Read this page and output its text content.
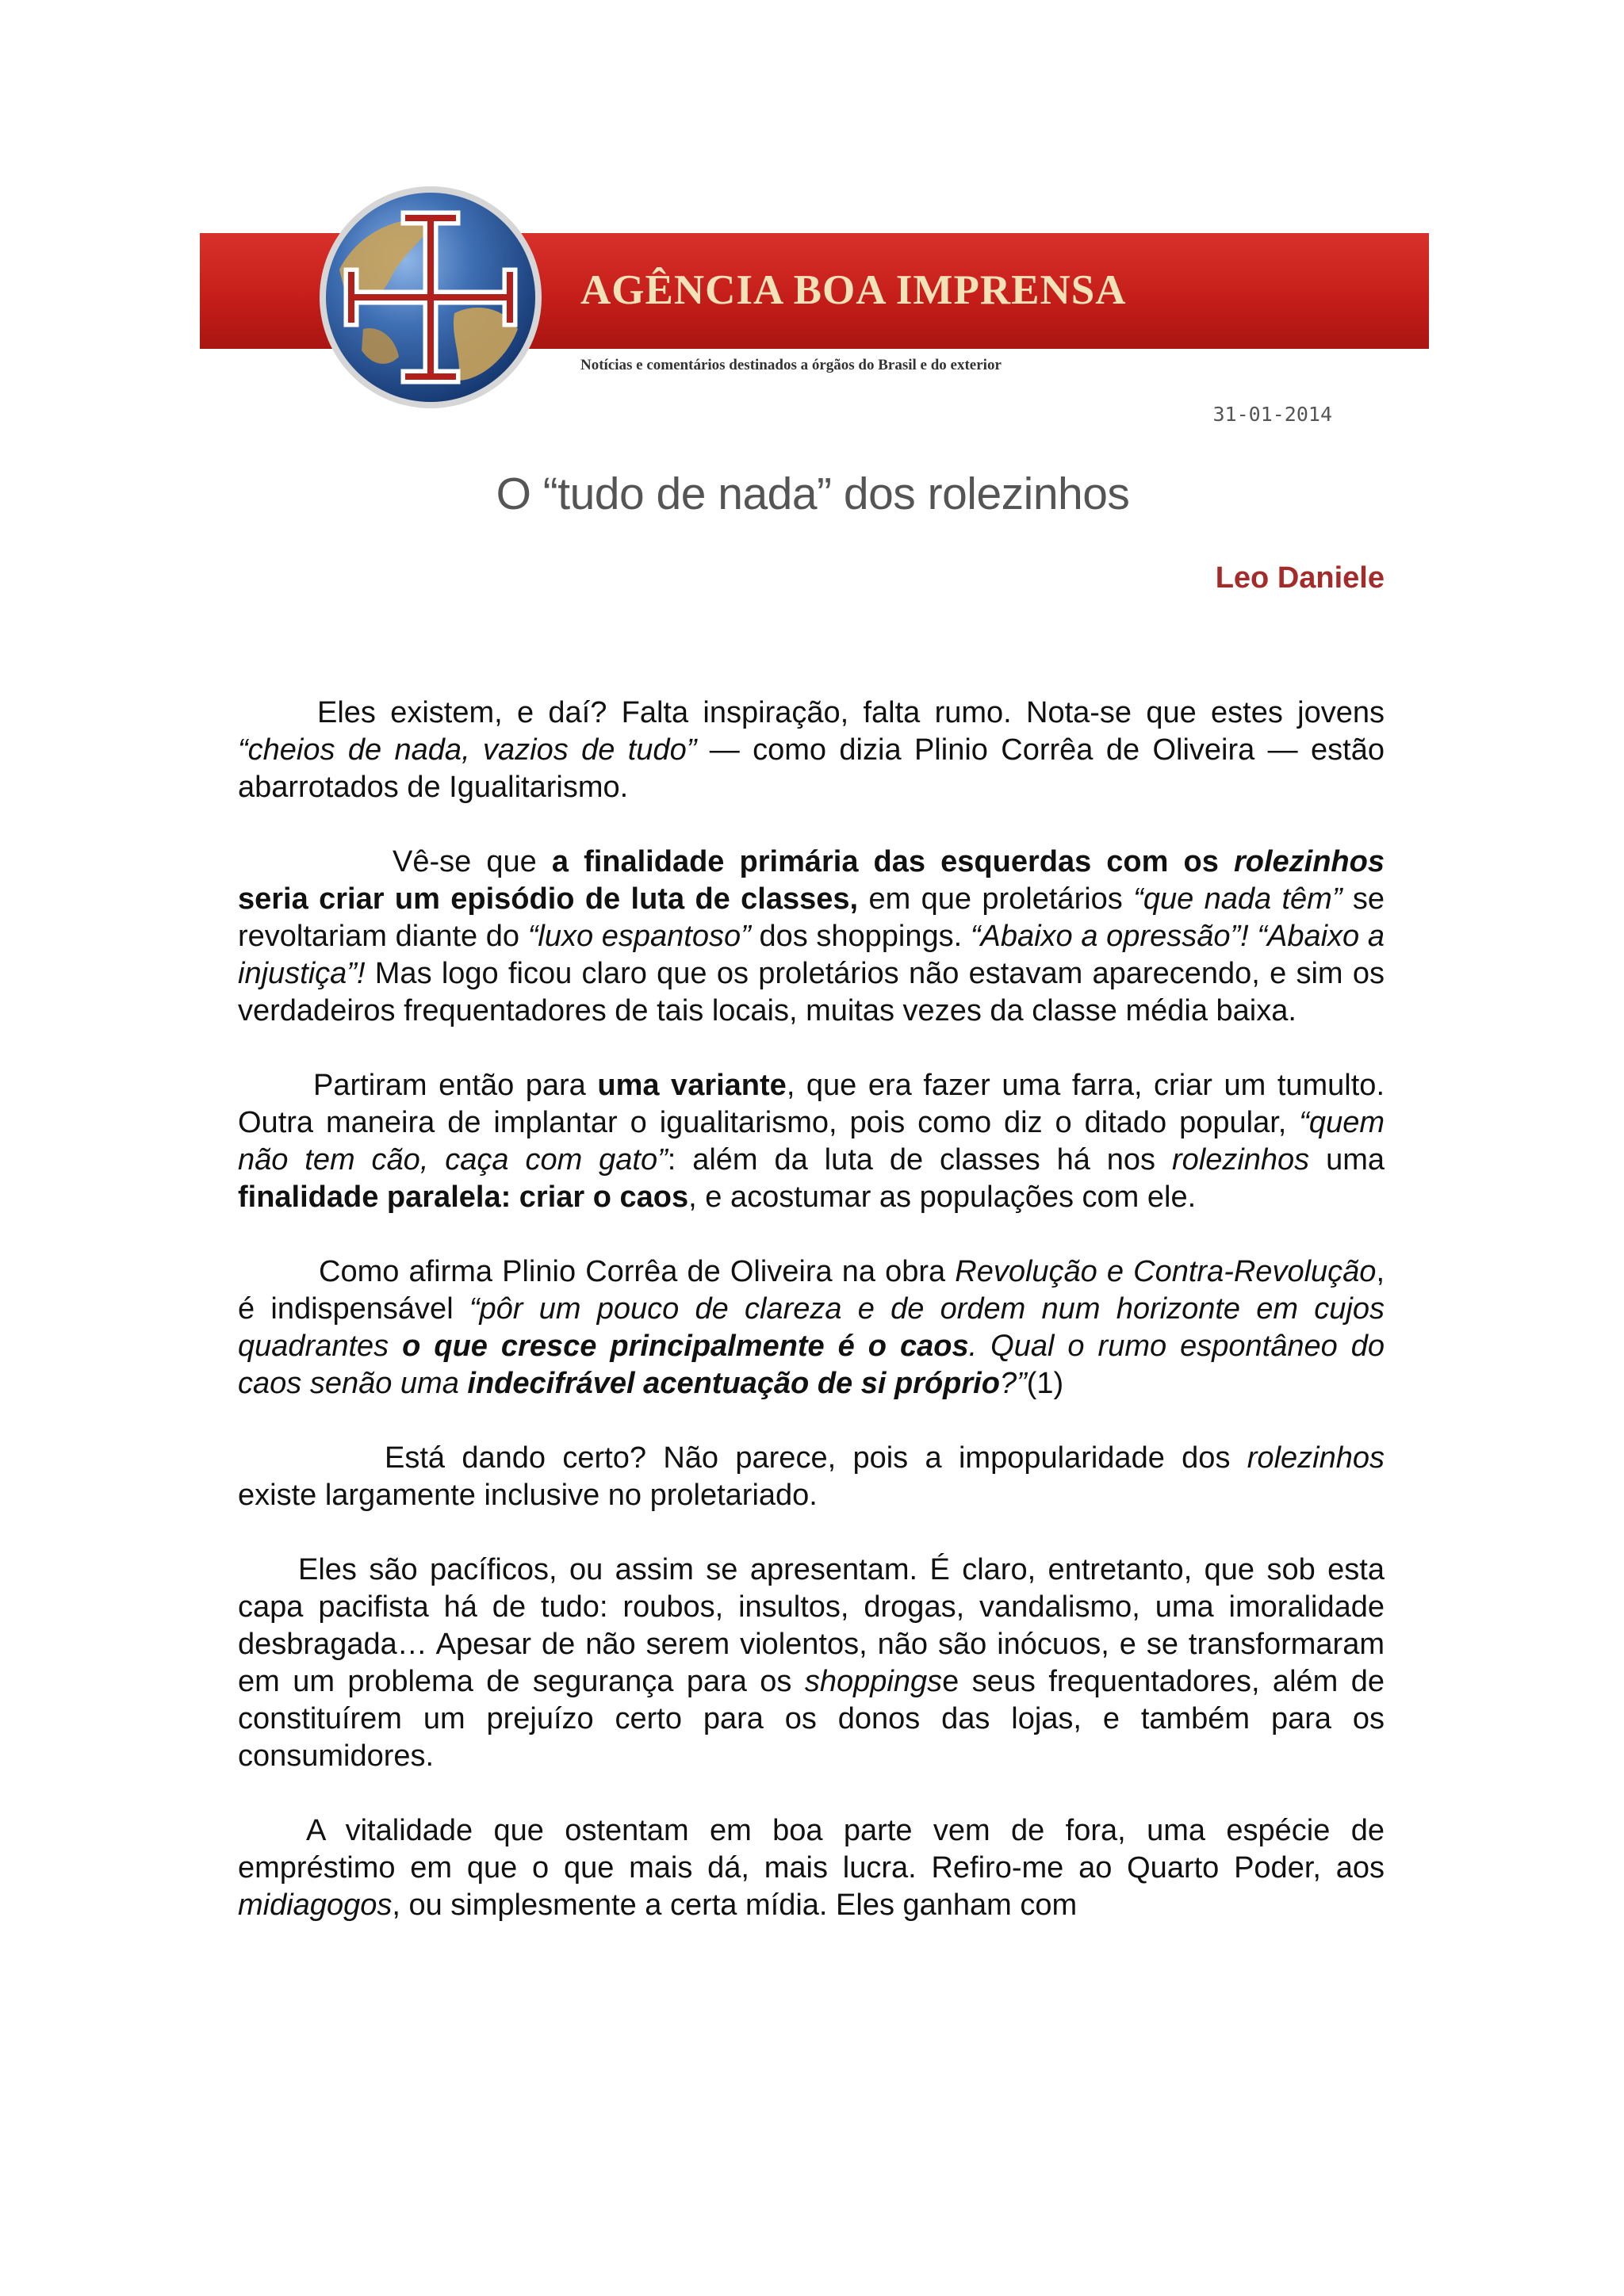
AGÊNCIA BOA IMPRENSA

Notícias e comentários destinados a órgãos do Brasil e do exterior

31-01-2014
O “tudo de nada” dos rolezinhos
Leo Daniele

Eles existem, e daí? Falta inspiração, falta rumo. Nota-se que estes jovens “cheios de nada, vazios de tudo” — como dizia Plinio Corrêa de Oliveira — estão abarrotados de Igualitarismo.

Vê-se que a finalidade primária das esquerdas com os rolezinhos seria criar um episódio de luta de classes, em que proletários “que nada têm” se revoltariam diante do “luxo espantoso” dos shoppings. “Abaixo a opressão”! “Abaixo a injustiça”! Mas logo ficou claro que os proletários não estavam aparecendo, e sim os verdadeiros frequentadores de tais locais, muitas vezes da classe média baixa.

Partiram então para uma variante, que era fazer uma farra, criar um tumulto. Outra maneira de implantar o igualitarismo, pois como diz o ditado popular, “quem não tem cão, caça com gato”: além da luta de classes há nos rolezinhos uma finalidade paralela: criar o caos, e acostumar as populações com ele.

Como afirma Plinio Corrêa de Oliveira na obra Revolução e Contra-Revolução, é indispensável “pôr um pouco de clareza e de ordem num horizonte em cujos quadrantes o que cresce principalmente é o caos. Qual o rumo espontâneo do caos senão uma indecifrável acentuação de si próprio?”(1)

Está dando certo? Não parece, pois a impopularidade dos rolezinhos existe largamente inclusive no proletariado.

Eles são pacíficos, ou assim se apresentam. É claro, entretanto, que sob esta capa pacifista há de tudo: roubos, insultos, drogas, vandalismo, uma imoralidade desbragada… Apesar de não serem violentos, não são inócuos, e se transformaram em um problema de segurança para os shoppingse seus frequentadores, além de constituírem um prejuízo certo para os donos das lojas, e também para os consumidores.

A vitalidade que ostentam em boa parte vem de fora, uma espécie de empréstimo em que o que mais dá, mais lucra. Refiro-me ao Quarto Poder, aos midiagogos, ou simplesmente a certa mídia. Eles ganham com
